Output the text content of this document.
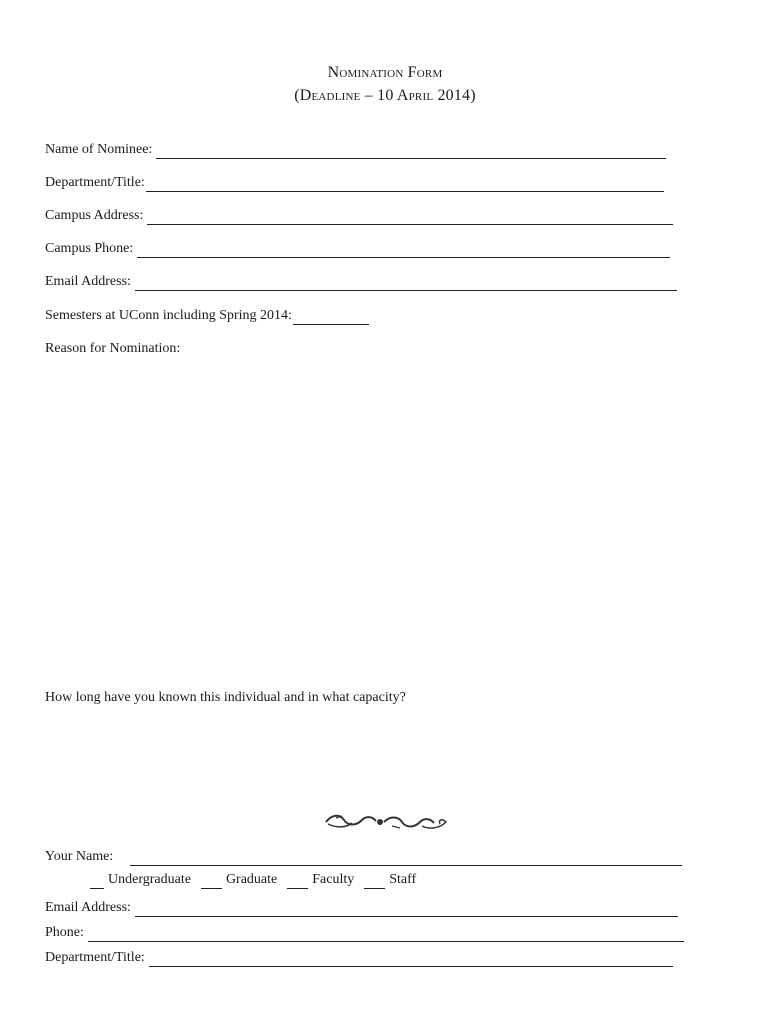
Nomination Form
(Deadline – 10 April 2014)
Name of Nominee:
Department/Title:
Campus Address:
Campus Phone:
Email Address:
Semesters at UConn including Spring 2014:
Reason for Nomination:
How long have you known this individual and in what capacity?
Your Name:
Undergraduate	Graduate	Faculty	Staff
Email Address:
Phone:
Department/Title:
